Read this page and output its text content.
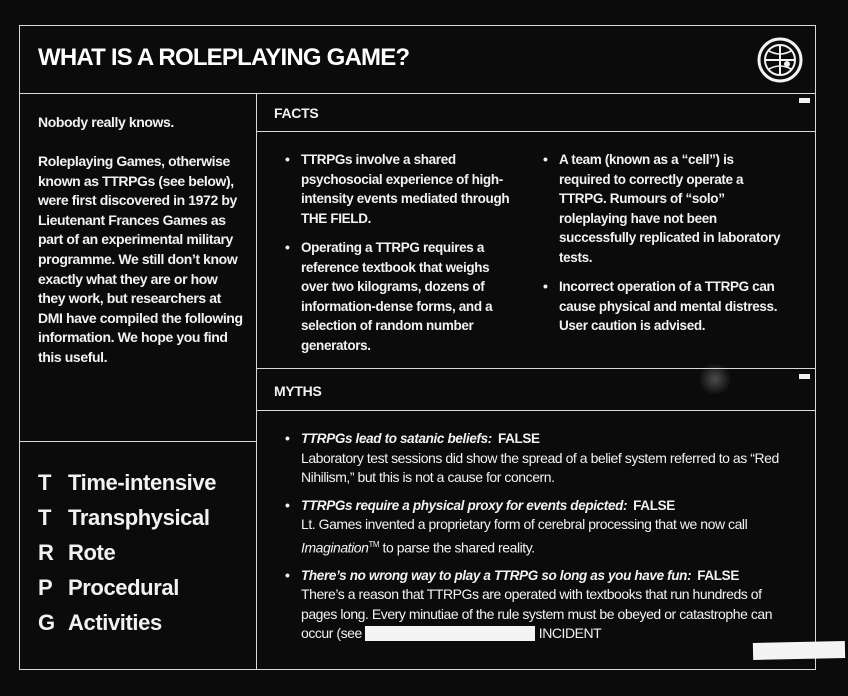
WHAT IS A ROLEPLAYING GAME?
Nobody really knows.
Roleplaying Games, otherwise known as TTRPGs (see below), were first discovered in 1972 by Lieutenant Frances Games as part of an experimental military programme. We still don’t know exactly what they are or how they work, but researchers at DMI have compiled the following information. We hope you find this useful.
T Time-intensive
T Transphysical
R Rote
P Procedural
G Activities
FACTS
• TTRPGs involve a shared psychosocial experience of high-intensity events mediated through THE FIELD.
• Operating a TTRPG requires a reference textbook that weighs over two kilograms, dozens of information-dense forms, and a selection of random number generators.
• A team (known as a “cell”) is required to correctly operate a TTRPG. Rumours of “solo” roleplaying have not been successfully replicated in laboratory tests.
• Incorrect operation of a TTRPG can cause physical and mental distress. User caution is advised.
MYTHS
• TTRPGs lead to satanic beliefs: FALSE
Laboratory test sessions did show the spread of a belief system referred to as “Red Nihilism,” but this is not a cause for concern.
• TTRPGs require a physical proxy for events depicted: FALSE
Lt. Games invented a proprietary form of cerebral processing that we now call Imagination™ to parse the shared reality.
• There’s no wrong way to play a TTRPG so long as you have fun: FALSE
There’s a reason that TTRPGs are operated with textbooks that run hundreds of pages long. Every minutiae of the rule system must be obeyed or catastrophe can occur (see	INCIDENT
